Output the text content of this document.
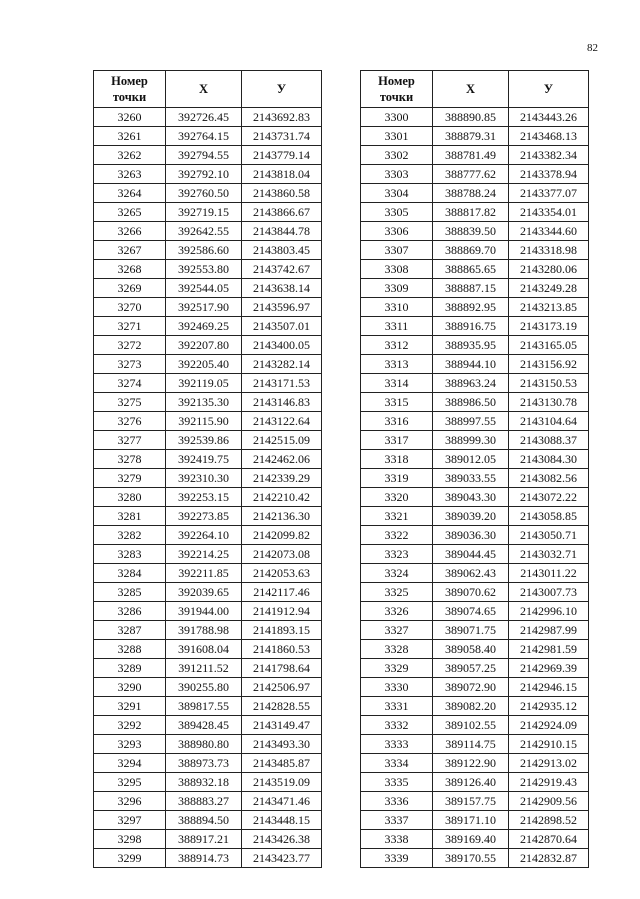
82
Номер
точки	Х	У
3260	392726.45	2143692.83
3261	392764.15	2143731.74
3262	392794.55	2143779.14
3263	392792.10	2143818.04
3264	392760.50	2143860.58
3265	392719.15	2143866.67
3266	392642.55	2143844.78
3267	392586.60	2143803.45
3268	392553.80	2143742.67
3269	392544.05	2143638.14
3270	392517.90	2143596.97
3271	392469.25	2143507.01
3272	392207.80	2143400.05
3273	392205.40	2143282.14
3274	392119.05	2143171.53
3275	392135.30	2143146.83
3276	392115.90	2143122.64
3277	392539.86	2142515.09
3278	392419.75	2142462.06
3279	392310.30	2142339.29
3280	392253.15	2142210.42
3281	392273.85	2142136.30
3282	392264.10	2142099.82
3283	392214.25	2142073.08
3284	392211.85	2142053.63
3285	392039.65	2142117.46
3286	391944.00	2141912.94
3287	391788.98	2141893.15
3288	391608.04	2141860.53
3289	391211.52	2141798.64
3290	390255.80	2142506.97
3291	389817.55	2142828.55
3292	389428.45	2143149.47
3293	388980.80	2143493.30
3294	388973.73	2143485.87
3295	388932.18	2143519.09
3296	388883.27	2143471.46
3297	388894.50	2143448.15
3298	388917.21	2143426.38
3299	388914.73	2143423.77
Номер
точки	Х	У
3300	388890.85	2143443.26
3301	388879.31	2143468.13
3302	388781.49	2143382.34
3303	388777.62	2143378.94
3304	388788.24	2143377.07
3305	388817.82	2143354.01
3306	388839.50	2143344.60
3307	388869.70	2143318.98
3308	388865.65	2143280.06
3309	388887.15	2143249.28
3310	388892.95	2143213.85
3311	388916.75	2143173.19
3312	388935.95	2143165.05
3313	388944.10	2143156.92
3314	388963.24	2143150.53
3315	388986.50	2143130.78
3316	388997.55	2143104.64
3317	388999.30	2143088.37
3318	389012.05	2143084.30
3319	389033.55	2143082.56
3320	389043.30	2143072.22
3321	389039.20	2143058.85
3322	389036.30	2143050.71
3323	389044.45	2143032.71
3324	389062.43	2143011.22
3325	389070.62	2143007.73
3326	389074.65	2142996.10
3327	389071.75	2142987.99
3328	389058.40	2142981.59
3329	389057.25	2142969.39
3330	389072.90	2142946.15
3331	389082.20	2142935.12
3332	389102.55	2142924.09
3333	389114.75	2142910.15
3334	389122.90	2142913.02
3335	389126.40	2142919.43
3336	389157.75	2142909.56
3337	389171.10	2142898.52
3338	389169.40	2142870.64
3339	389170.55	2142832.87
